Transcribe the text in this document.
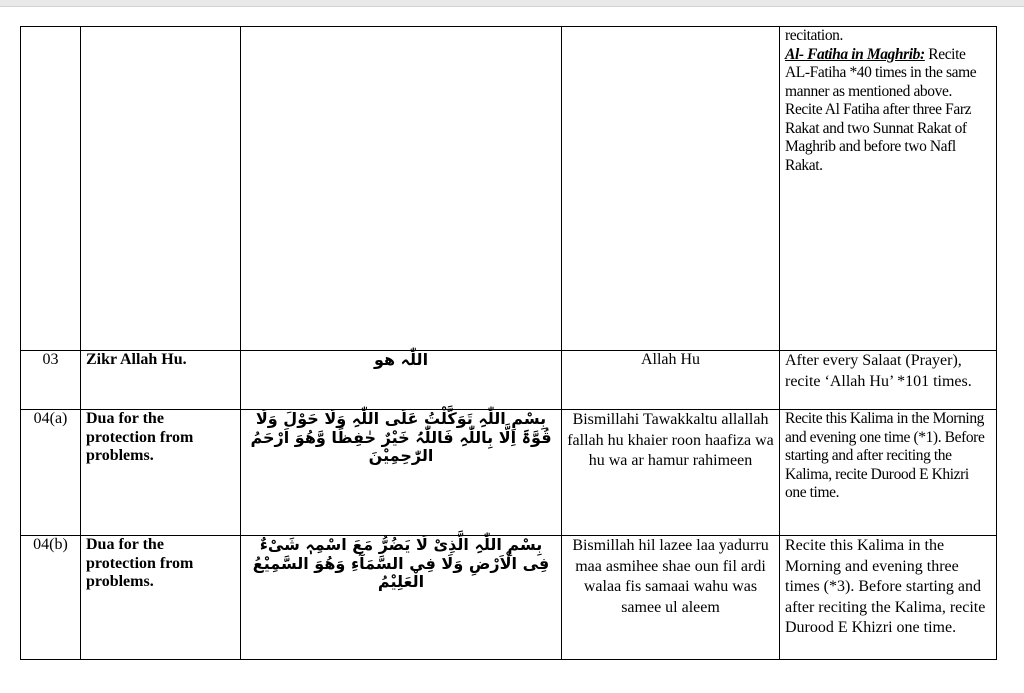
				recitation.
Al- Fatiha in Maghrib: Recite AL-Fatiha *40 times in the same manner as mentioned above. Recite Al Fatiha after three Farz Rakat and two Sunnat Rakat of Maghrib and before two Nafl Rakat.
03	Zikr Allah Hu.	اللّٰہ ھو	Allah Hu	After every Salaat (Prayer), recite ‘Allah Hu’ *101 times.
04(a)	Dua for the protection from problems.	بِسْمِ اللّٰہِ تَوَکَّلْتُ عَلَی اللّٰہِ وَلَا حَوْلَ وَلَا قُوَّۃَ اِلَّا بِاللّٰہِ فَاللّٰہُ خَیْرٌ حٰفِظًا وَّھُوَ اَرْحَمُ الرّٰحِمِیْنَ	Bismillahi Tawakkaltu allallah fallah hu khaier roon haafiza wa hu wa ar hamur rahimeen	Recite this Kalima in the Morning and evening one time (*1). Before starting and after reciting the Kalima, recite Durood E Khizri one time.
04(b)	Dua for the protection from problems.	بِسْمِ اللّٰہِ الَّذِیْ لَا یَضُرُّ مَعَ اسْمِہٖ شَیْءٌ فِی الْاَرْضِ وَلَا فِی السَّمَآءِ وَھُوَ السَّمِیْعُ الْعَلِیْمُ	Bismillah hil lazee laa yadurru maa asmihee shae oun fil ardi walaa fis samaai wahu was samee ul aleem	Recite this Kalima in the Morning and evening three times (*3). Before starting and after reciting the Kalima, recite Durood E Khizri one time.
